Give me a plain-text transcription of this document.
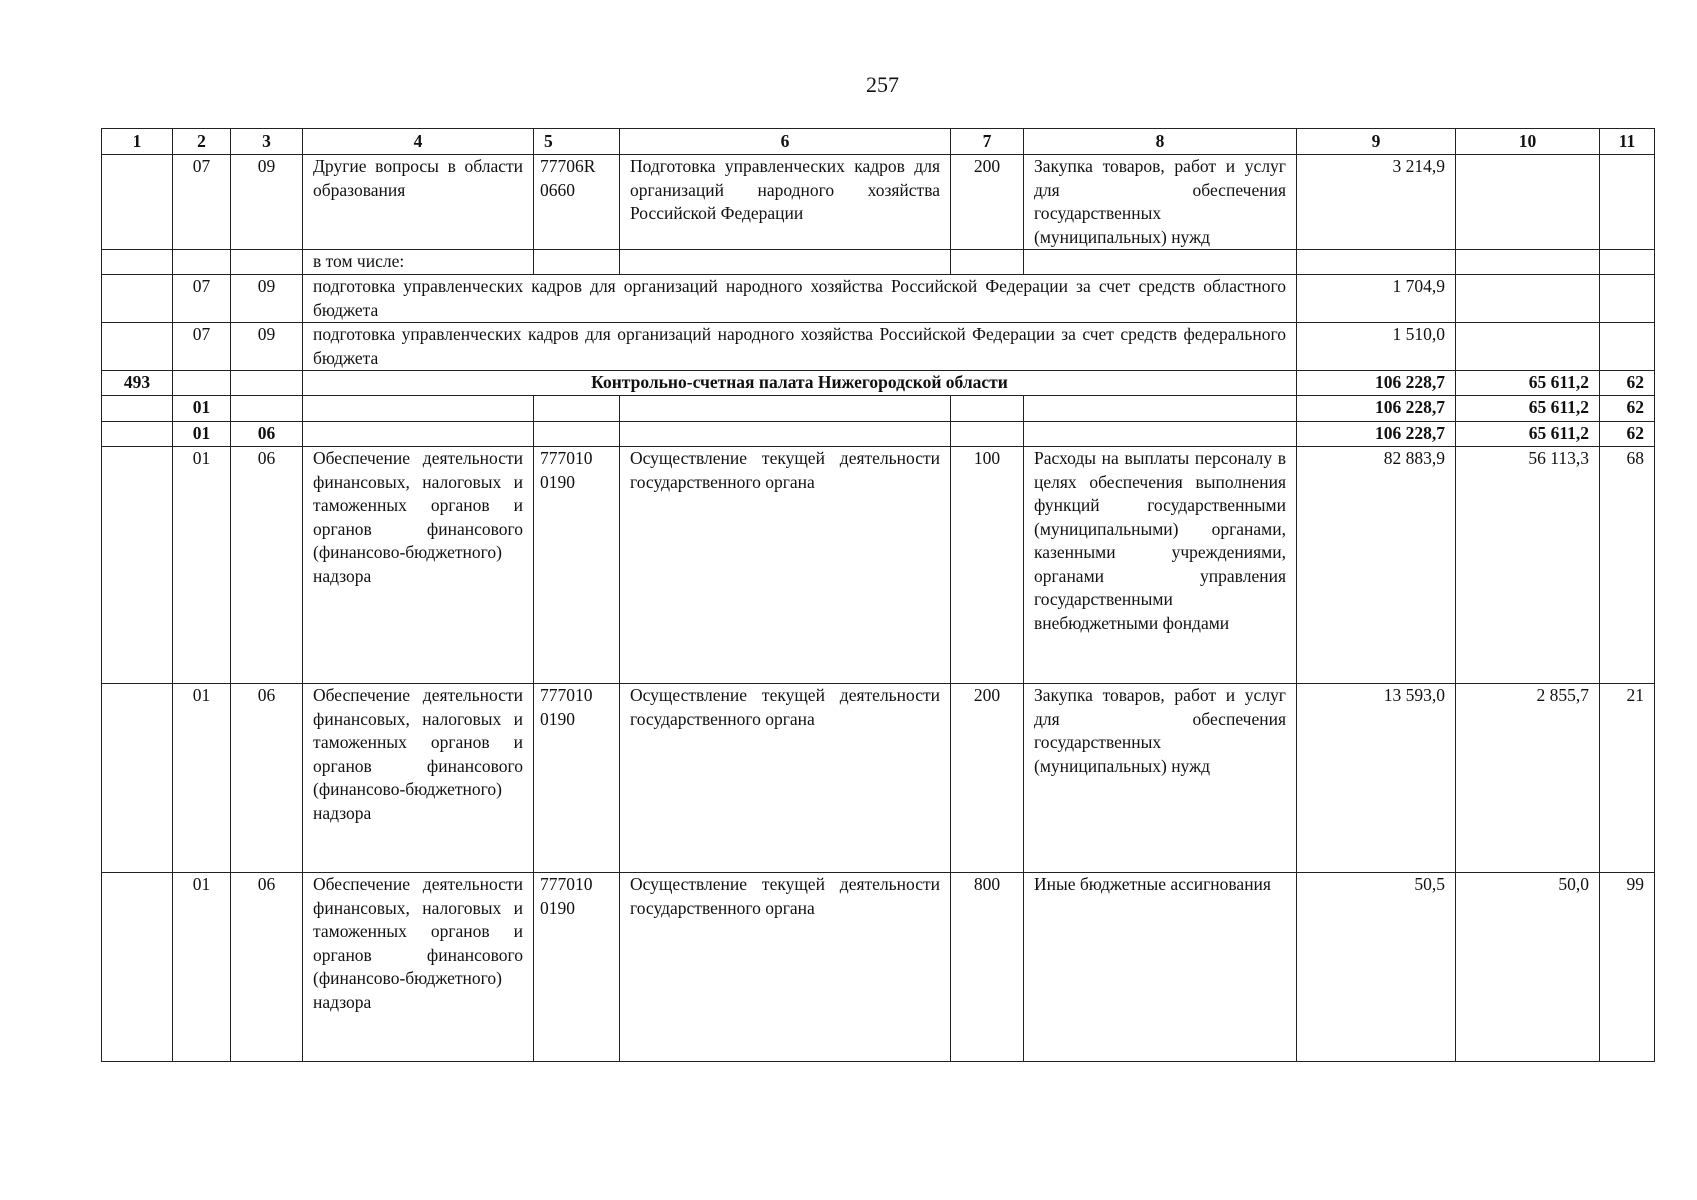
257
1	2	3	4	5	6	7	8	9	10	11
	07	09	Другие вопросы в области образования	77706R 0660	Подготовка управленческих кадров для организаций народного хозяйства Российской Федерации	200	Закупка товаров, работ и услуг для обеспечения государственных (муниципальных) нужд	3 214,9		
			в том числе:							
	07	09	подготовка управленческих кадров для организаций народного хозяйства Российской Федерации за счет средств областного бюджета					1 704,9		
	07	09	подготовка управленческих кадров для организаций народного хозяйства Российской Федерации за счет средств федерального бюджета					1 510,0		
493			Контрольно-счетная палата Нижегородской области					106 228,7	65 611,2	62
	01							106 228,7	65 611,2	62
	01	06						106 228,7	65 611,2	62
	01	06	Обеспечение деятельности финансовых, налоговых и таможенных органов и органов финансового (финансово-бюджетного) надзора	777010 0190	Осуществление текущей деятельности государственного органа	100	Расходы на выплаты персоналу в целях обеспечения выполнения функций государственными (муниципальными) органами, казенными учреждениями, органами управления государственными внебюджетными фондами	82 883,9	56 113,3	68
	01	06	Обеспечение деятельности финансовых, налоговых и таможенных органов и органов финансового (финансово-бюджетного) надзора	777010 0190	Осуществление текущей деятельности государственного органа	200	Закупка товаров, работ и услуг для обеспечения государственных (муниципальных) нужд	13 593,0	2 855,7	21
	01	06	Обеспечение деятельности финансовых, налоговых и таможенных органов и органов финансового (финансово-бюджетного) надзора	777010 0190	Осуществление текущей деятельности государственного органа	800	Иные бюджетные ассигнования	50,5	50,0	99
